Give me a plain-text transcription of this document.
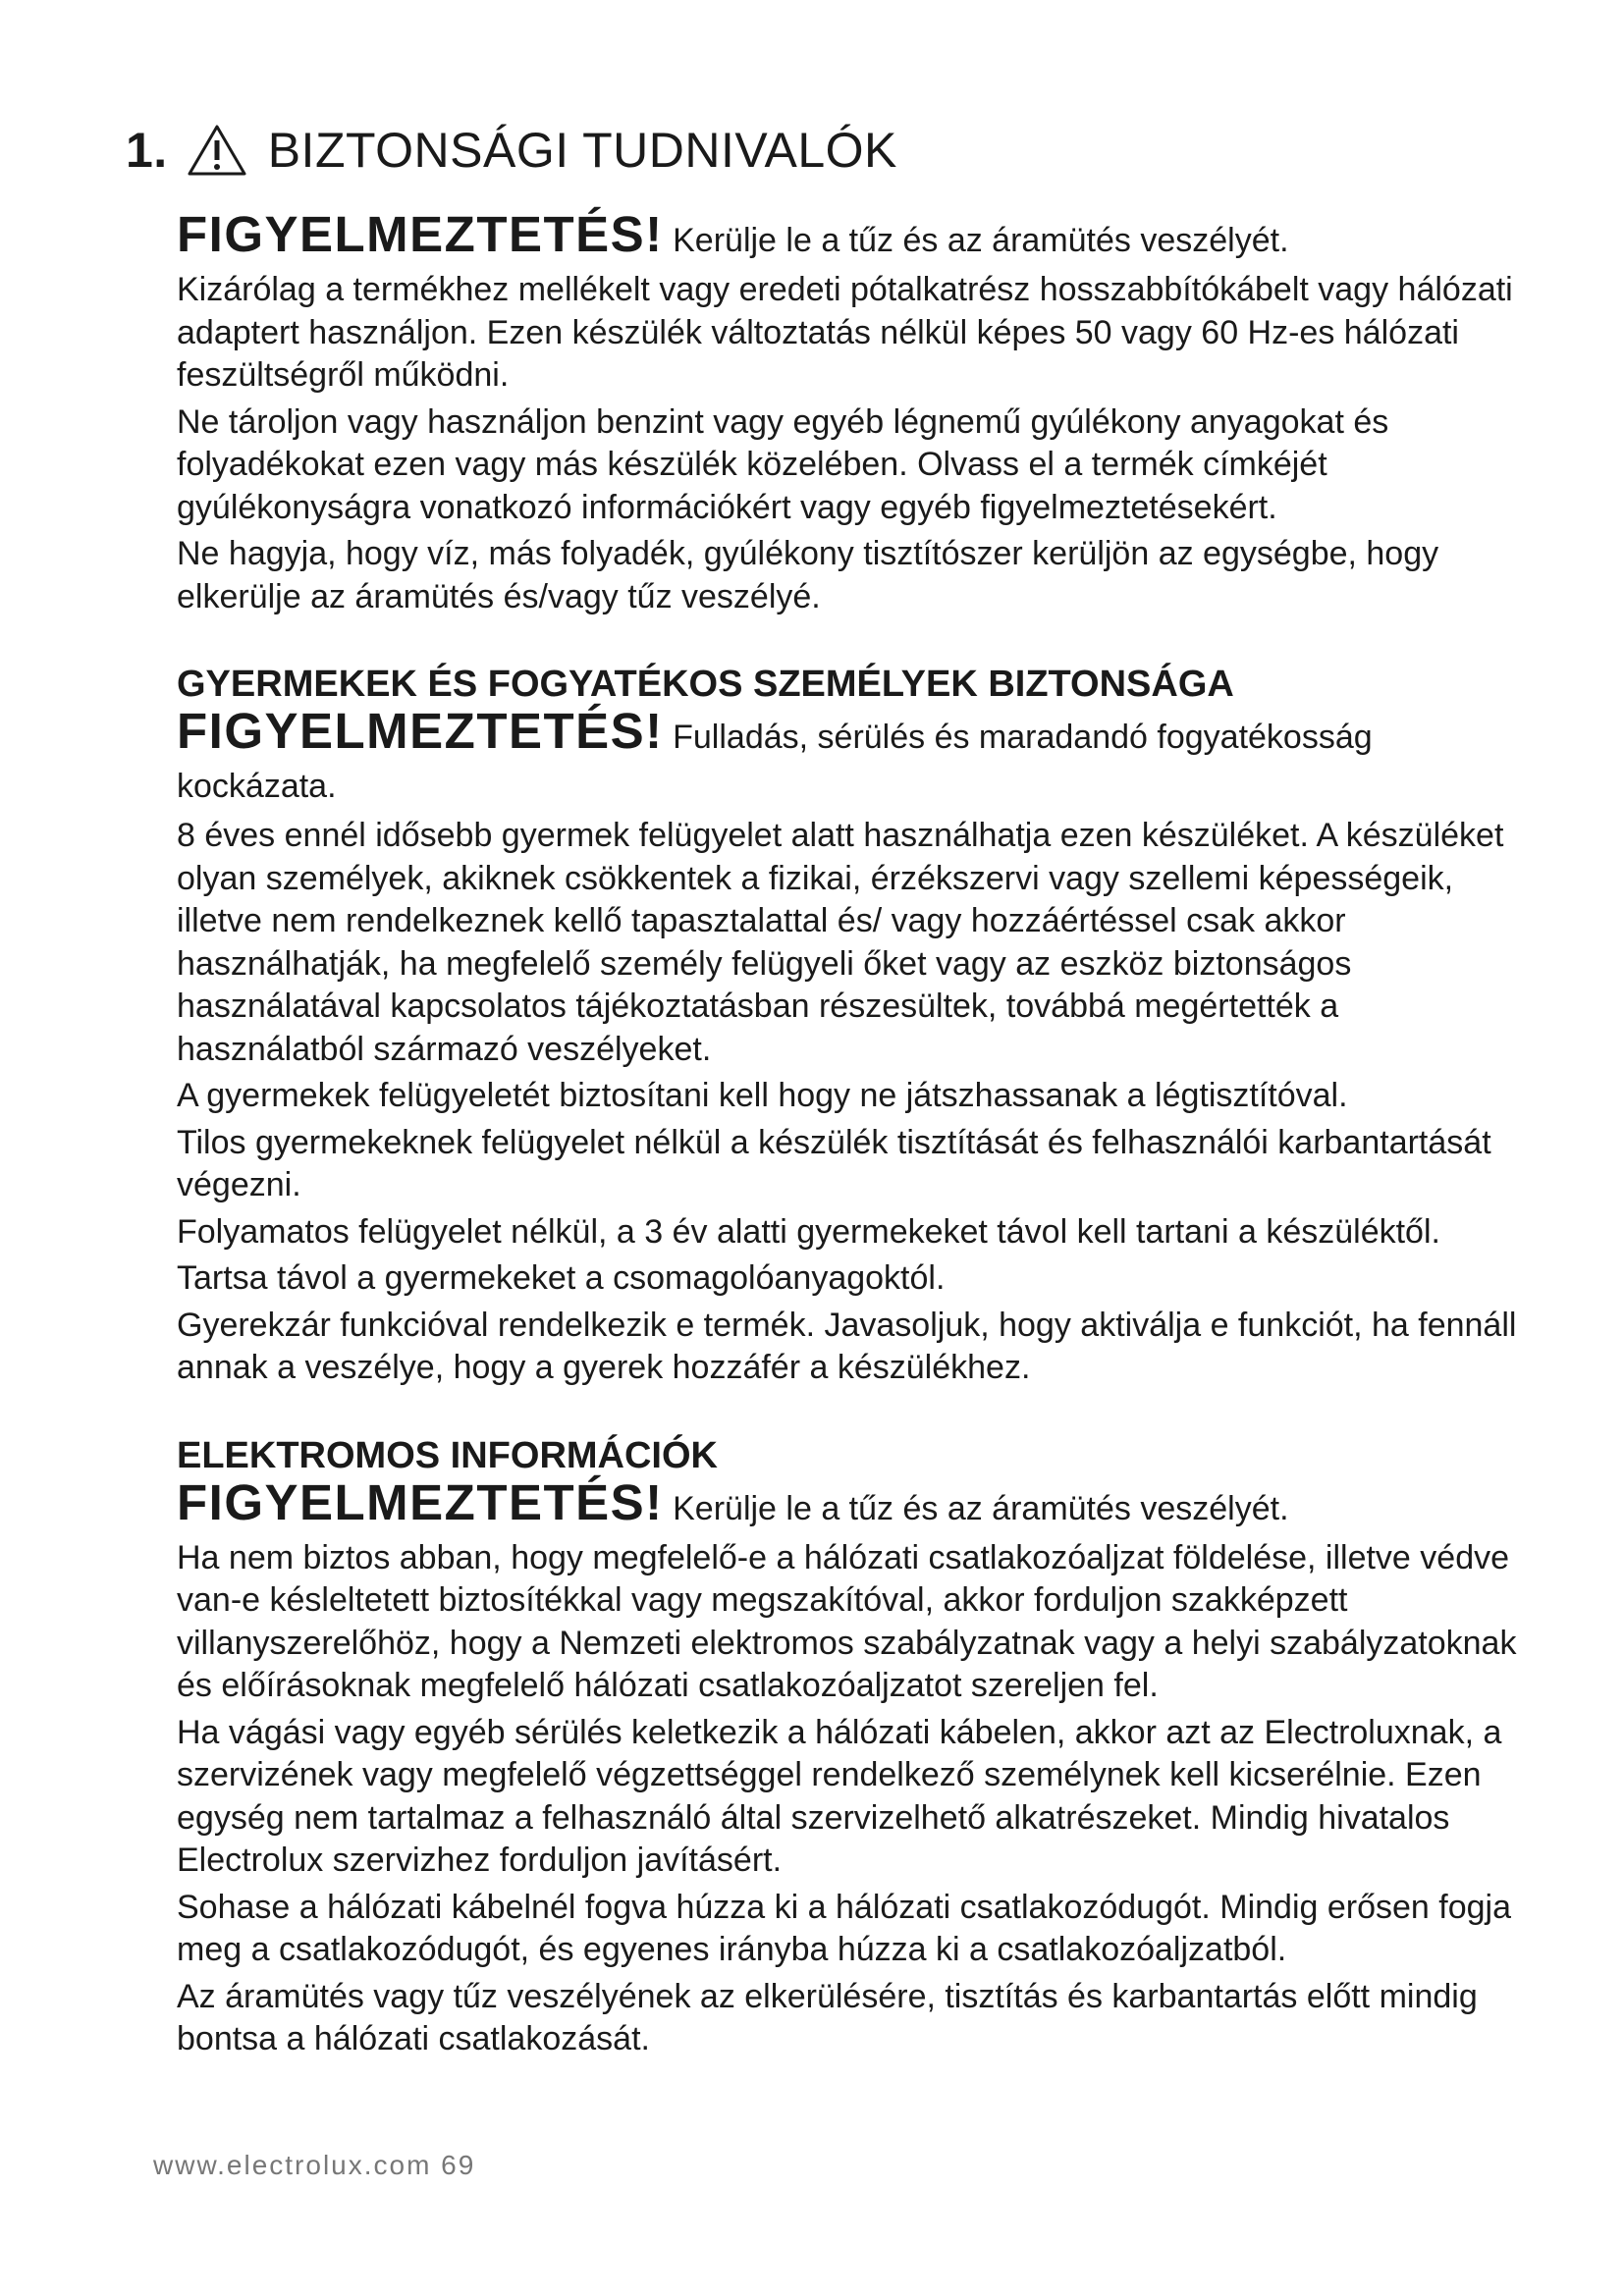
1. BIZTONSÁGI TUDNIVALÓK

FIGYELMEZTETÉS! Kerülje le a tűz és az áramütés veszélyét.

Kizárólag a termékhez mellékelt vagy eredeti pótalkatrész hosszabbítókábelt vagy hálózati adaptert használjon. Ezen készülék változtatás nélkül képes 50 vagy 60 Hz-es hálózati feszültségről működni.

Ne tároljon vagy használjon benzint vagy egyéb légnemű gyúlékony anyagokat és folyadékokat ezen vagy más készülék közelében. Olvass el a termék címkéjét gyúlékonyságra vonatkozó információkért vagy egyéb figyelmeztetésekért.

Ne hagyja, hogy víz, más folyadék, gyúlékony tisztítószer kerüljön az egységbe, hogy elkerülje az áramütés és/vagy tűz veszélyé.

GYERMEKEK ÉS FOGYATÉKOS SZEMÉLYEK BIZTONSÁGA

FIGYELMEZTETÉS! Fulladás, sérülés és maradandó fogyatékosság kockázata.

8 éves ennél idősebb gyermek felügyelet alatt használhatja ezen készüléket. A készüléket olyan személyek, akiknek csökkentek a fizikai, érzékszervi vagy szellemi képességeik, illetve nem rendelkeznek kellő tapasztalattal és/ vagy hozzáértéssel csak akkor használhatják, ha megfelelő személy felügyeli őket vagy az eszköz biztonságos használatával kapcsolatos tájékoztatásban részesültek, továbbá megértették a használatból származó veszélyeket.

A gyermekek felügyeletét biztosítani kell hogy ne játszhassanak a légtisztítóval.

Tilos gyermekeknek felügyelet nélkül a készülék tisztítását és felhasználói karbantartását végezni.

Folyamatos felügyelet nélkül, a 3 év alatti gyermekeket távol kell tartani a készüléktől.

Tartsa távol a gyermekeket a csomagolóanyagoktól.

Gyerekzár funkcióval rendelkezik e termék. Javasoljuk, hogy aktiválja e funkciót, ha fennáll annak a veszélye, hogy a gyerek hozzáfér a készülékhez.

ELEKTROMOS INFORMÁCIÓK

FIGYELMEZTETÉS! Kerülje le a tűz és az áramütés veszélyét.

Ha nem biztos abban, hogy megfelelő-e a hálózati csatlakozóaljzat földelése, illetve védve van-e késleltetett biztosítékkal vagy megszakítóval, akkor forduljon szakképzett villanyszerelőhöz, hogy a Nemzeti elektromos szabályzatnak vagy a helyi szabályzatoknak és előírásoknak megfelelő hálózati csatlakozóaljzatot szereljen fel.

Ha vágási vagy egyéb sérülés keletkezik a hálózati kábelen, akkor azt az Electroluxnak, a szervizének vagy megfelelő végzettséggel rendelkező személynek kell kicserélnie. Ezen egység nem tartalmaz a felhasználó által szervizelhető alkatrészeket. Mindig hivatalos Electrolux szervizhez forduljon javításért.

Sohase a hálózati kábelnél fogva húzza ki a hálózati csatlakozódugót. Mindig erősen fogja meg a csatlakozódugót, és egyenes irányba húzza ki a csatlakozóaljzatból.

Az áramütés vagy tűz veszélyének az elkerülésére, tisztítás és karbantartás előtt mindig bontsa a hálózati csatlakozását.

www.electrolux.com 69
